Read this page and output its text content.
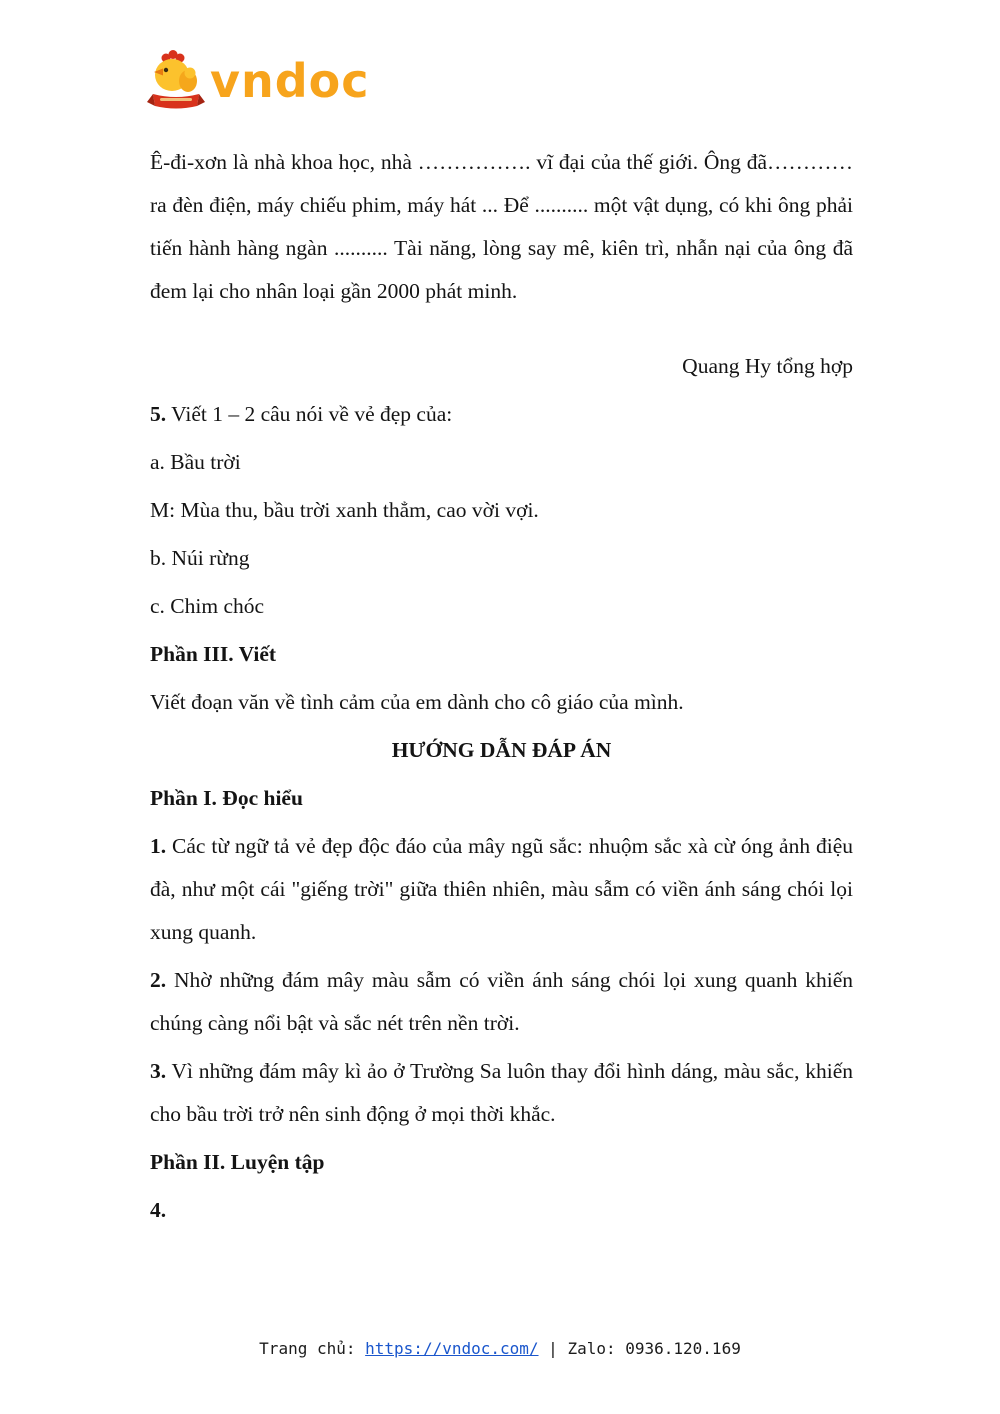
vndoc

Ê-đi-xơn là nhà khoa học, nhà ……………. vĩ đại của thế giới. Ông đã………… ra đèn điện, máy chiếu phim, máy hát ... Để .......... một vật dụng, có khi ông phải tiến hành hàng ngàn .......... Tài năng, lòng say mê, kiên trì, nhẫn nại của ông đã đem lại cho nhân loại gần 2000 phát minh.

Quang Hy tổng hợp

5. Viết 1 – 2 câu nói về vẻ đẹp của:

a. Bầu trời

M: Mùa thu, bầu trời xanh thẳm, cao vời vợi.

b. Núi rừng

c. Chim chóc

Phần III. Viết

Viết đoạn văn về tình cảm của em dành cho cô giáo của mình.

HƯỚNG DẪN ĐÁP ÁN

Phần I. Đọc hiểu

1. Các từ ngữ tả vẻ đẹp độc đáo của mây ngũ sắc: nhuộm sắc xà cừ óng ảnh điệu đà, như một cái "giếng trời" giữa thiên nhiên, màu sẫm có viền ánh sáng chói lọi xung quanh.

2. Nhờ những đám mây màu sẫm có viền ánh sáng chói lọi xung quanh khiến chúng càng nổi bật và sắc nét trên nền trời.

3. Vì những đám mây kì ảo ở Trường Sa luôn thay đổi hình dáng, màu sắc, khiến cho bầu trời trở nên sinh động ở mọi thời khắc.

Phần II. Luyện tập

4.

Trang chủ: https://vndoc.com/ | Zalo: 0936.120.169
